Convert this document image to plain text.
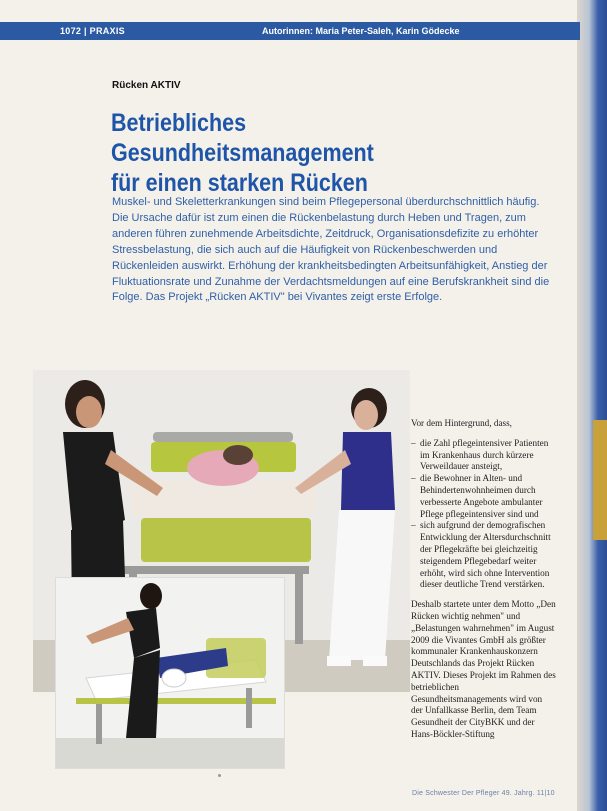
1072 | PRAXIS	Autorinnen: Maria Peter-Saleh, Karin Gödecke
Rücken AKTIV
Betriebliches Gesundheitsmanagement
für einen starken Rücken
Muskel- und Skeletterkrankungen sind beim Pflegepersonal überdurchschnittlich häufig. Die Ursache dafür ist zum einen die Rückenbelastung durch Heben und Tragen, zum anderen führen zunehmende Arbeitsdichte, Zeitdruck, Organisationsdefizite zu erhöhter Stressbelastung, die sich auch auf die Häufigkeit von Rückenbeschwerden und Rückenleiden auswirkt. Erhöhung der krankheitsbedingten Arbeitsunfähigkeit, Anstieg der Fluktuationsrate und Zunahme der Verdachtsmeldungen auf eine Berufskrankheit sind die Folge. Das Projekt „Rücken AKTIV" bei Vivantes zeigt erste Erfolge.

Vor dem Hintergrund, dass,

– die Zahl pflegeintensiver Patienten im Krankenhaus durch kürzere Verweildauer ansteigt,
– die Bewohner in Alten- und Behindertenwohnheimen durch verbesserte Angebote ambulanter Pflege pflegeintensiver sind und
– sich aufgrund der demografischen Entwicklung der Altersdurchschnitt der Pflegekräfte bei gleichzeitig steigendem Pflegebedarf weiter erhöht, wird sich ohne Intervention dieser deutliche Trend verstärken.

Deshalb startete unter dem Motto „Den Rücken wichtig nehmen" und „Belastungen wahrnehmen" im August 2009 die Vivantes GmbH als größter kommunaler Krankenhauskonzern Deutschlands das Projekt Rücken AKTIV. Dieses Projekt im Rahmen des betrieblichen Gesundheitsmanagements wird von der Unfallkasse Berlin, dem Team Gesundheit der CityBKK und der Hans-Böckler-Stiftung

Die Schwester Der Pfleger 49. Jahrg. 11|10
